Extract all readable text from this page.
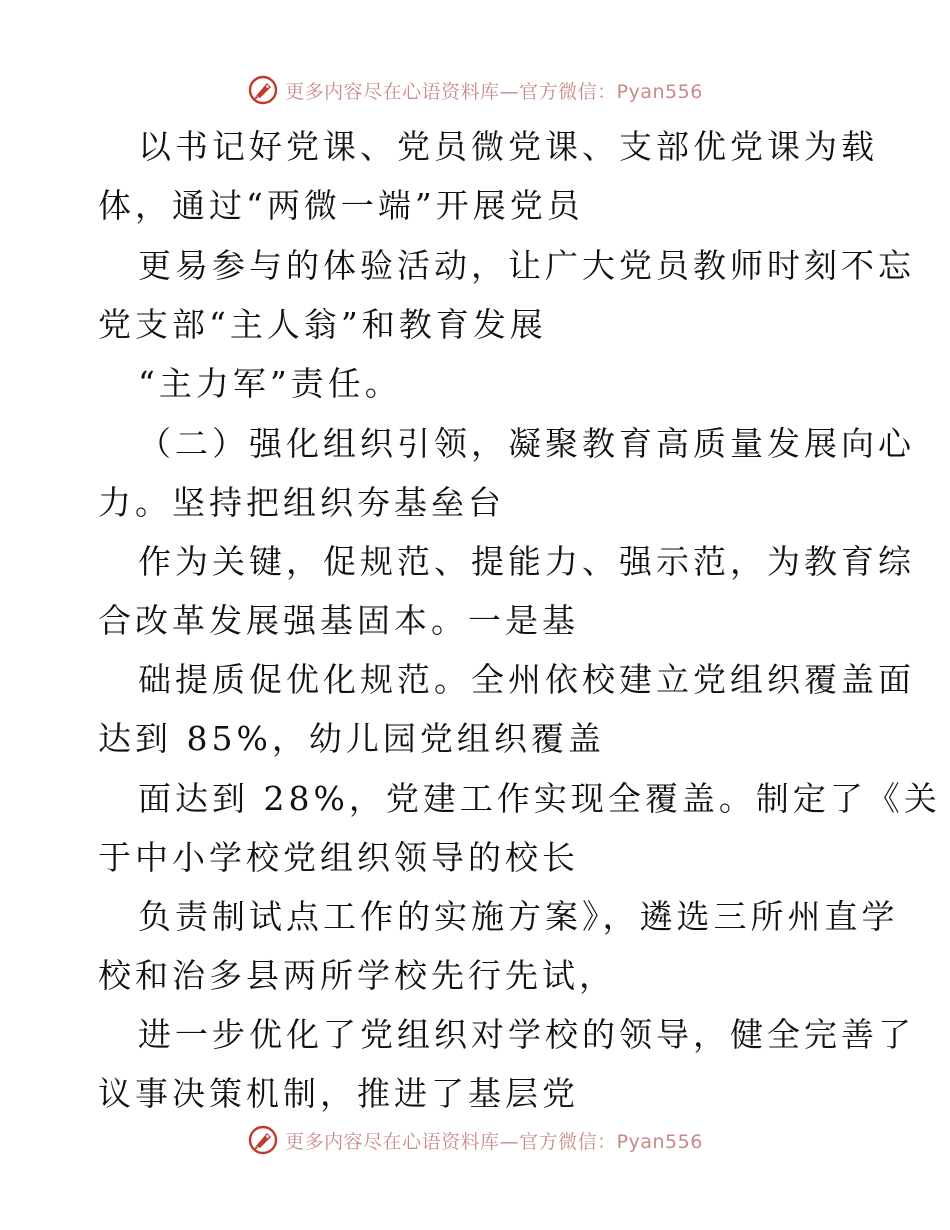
更多内容尽在心语资料库—官方微信：Pyan556
以书记好党课、党员微党课、支部优党课为载
体，通过“两微一端”开展党员
更易参与的体验活动，让广大党员教师时刻不忘
党支部“主人翁”和教育发展
“主力军”责任。
（二）强化组织引领，凝聚教育高质量发展向心
力。坚持把组织夯基垒台
作为关键，促规范、提能力、强示范，为教育综
合改革发展强基固本。一是基
础提质促优化规范。全州依校建立党组织覆盖面
达到 85%，幼儿园党组织覆盖
面达到 28%，党建工作实现全覆盖。制定了《关
于中小学校党组织领导的校长
负责制试点工作的实施方案》，遴选三所州直学
校和治多县两所学校先行先试，
进一步优化了党组织对学校的领导，健全完善了
议事决策机制，推进了基层党
更多内容尽在心语资料库—官方微信：Pyan556
